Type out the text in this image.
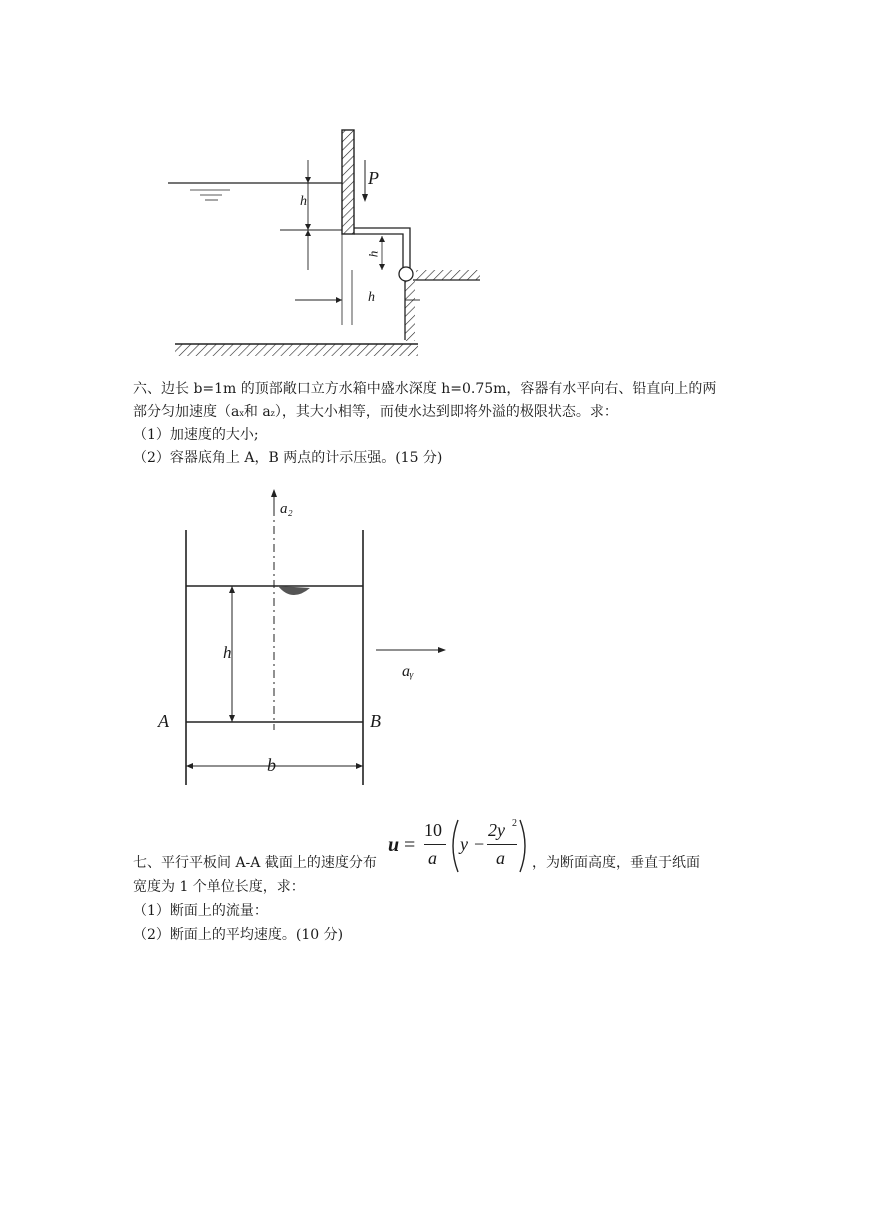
P
h
h
h
六、边长 b=1m 的顶部敞口立方水箱中盛水深度 h=0.75m，容器有水平向右、铅直向上的两
部分匀加速度（ax和 az），其大小相等，而使水达到即将外溢的极限状态。求：
（1）加速度的大小;
（2）容器底角上 A，B 两点的计示压强。(15 分)
a₂
h
aᵧ
A	B
b
u =
10
a
y −
2y 2
a
七、平行平板间 A-A 截面上的速度分布	，为断面高度，垂直于纸面
宽度为 1 个单位长度，求：
（1）断面上的流量：
（2）断面上的平均速度。(10 分)
